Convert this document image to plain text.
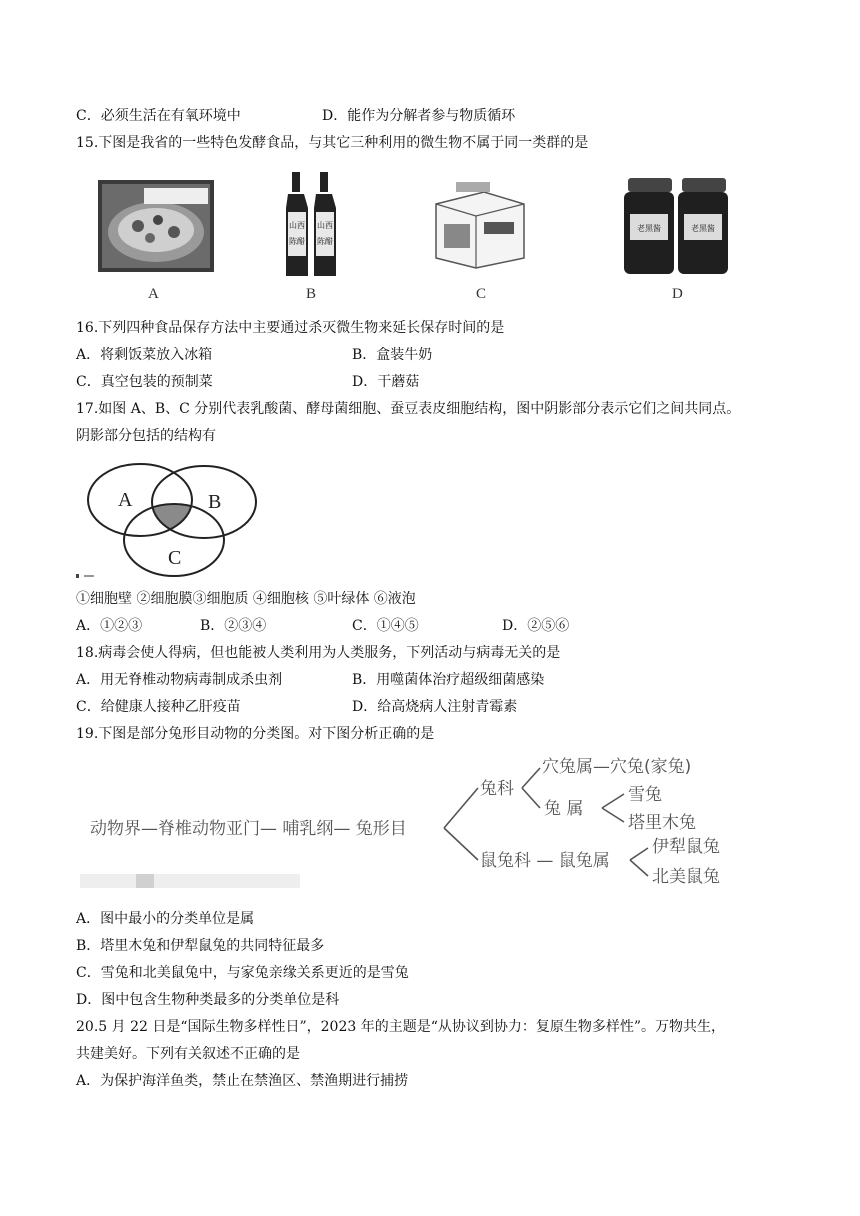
C．必须生活在有氧环境中	D．能作为分解者参与物质循环
15.下图是我省的一些特色发酵食品，与其它三种利用的微生物不属于同一类群的是
A
山西
陈醋
山西
陈醋
B	C
老黑酱	老黑酱
D
16.下列四种食品保存方法中主要通过杀灭微生物来延长保存时间的是
A．将剩饭菜放入冰箱	B．盒装牛奶
C．真空包装的预制菜	D．干蘑菇
17.如图 A、B、C 分别代表乳酸菌、酵母菌细胞、蚕豆表皮细胞结构，图中阴影部分表示它们之间共同点。
阴影部分包括的结构有
A	B
C
①细胞壁 ②细胞膜③细胞质 ④细胞核 ⑤叶绿体 ⑥液泡
A．①②③	B．②③④	C．①④⑤	D．②⑤⑥
18.病毒会使人得病，但也能被人类利用为人类服务，下列活动与病毒无关的是
A．用无脊椎动物病毒制成杀虫剂	B．用噬菌体治疗超级细菌感染
C．给健康人接种乙肝疫苗	D．给高烧病人注射青霉素
19.下图是部分兔形目动物的分类图。对下图分析正确的是
动物界—脊椎动物亚门— 哺乳纲— 兔形目
兔科
穴兔属—穴兔(家兔)
兔 属
雪兔
塔里木兔
鼠兔科 — 鼠兔属
伊犁鼠兔
北美鼠兔
A．图中最小的分类单位是属
B．塔里木兔和伊犁鼠兔的共同特征最多
C．雪兔和北美鼠兔中，与家兔亲缘关系更近的是雪兔
D．图中包含生物种类最多的分类单位是科
20.5 月 22 日是“国际生物多样性日”，2023 年的主题是“从协议到协力：复原生物多样性”。万物共生，
共建美好。下列有关叙述不正确的是
A．为保护海洋鱼类，禁止在禁渔区、禁渔期进行捕捞
